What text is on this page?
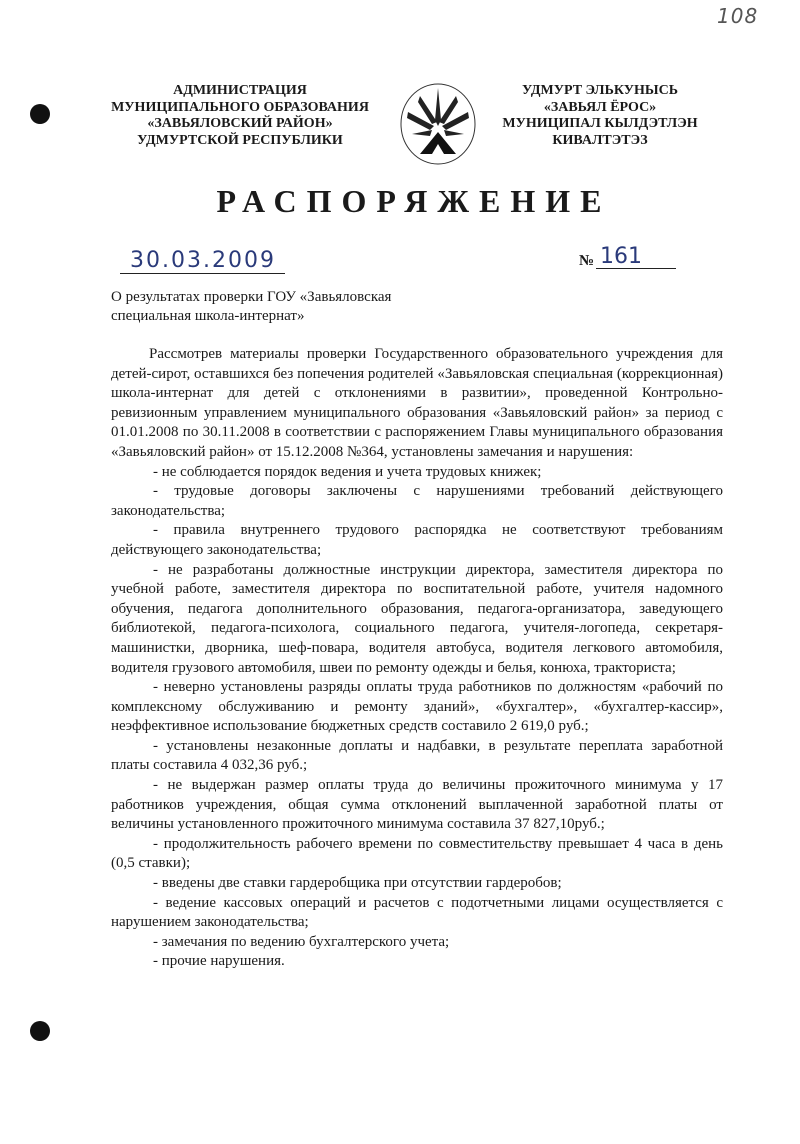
108
АДМИНИСТРАЦИЯ
МУНИЦИПАЛЬНОГО ОБРАЗОВАНИЯ
«ЗАВЬЯЛОВСКИЙ РАЙОН»
УДМУРТСКОЙ РЕСПУБЛИКИ
УДМУРТ ЭЛЬКУНЫСЬ
«ЗАВЬЯЛ ЁРОС»
МУНИЦИПАЛ КЫЛДЭТЛЭН
КИВАЛТЭТЭЗ
РАСПОРЯЖЕНИЕ
30.03.2009	№ 161
О результатах проверки ГОУ «Завьяловская
специальная школа-интернат»

Рассмотрев материалы проверки Государственного образовательного учреждения для детей-сирот, оставшихся без попечения родителей «Завьяловская специальная (коррекционная) школа-интернат для детей с отклонениями в развитии», проведенной Контрольно-ревизионным управлением муниципального образования «Завьяловский район» за период с 01.01.2008 по 30.11.2008 в соответствии с распоряжением Главы муниципального образования «Завьяловский район» от 15.12.2008 №364, установлены замечания и нарушения:

- не соблюдается порядок ведения и учета трудовых книжек;

- трудовые договоры заключены с нарушениями требований действующего законодательства;

- правила внутреннего трудового распорядка не соответствуют требованиям действующего законодательства;

- не разработаны должностные инструкции директора, заместителя директора по учебной работе, заместителя директора по воспитательной работе, учителя надомного обучения, педагога дополнительного образования, педагога-организатора, заведующего библиотекой, педагога-психолога, социального педагога, учителя-логопеда, секретаря-машинистки, дворника, шеф-повара, водителя автобуса, водителя легкового автомобиля, водителя грузового автомобиля, швеи по ремонту одежды и белья, конюха, тракториста;

- неверно установлены разряды оплаты труда работников по должностям «рабочий по комплексному обслуживанию и ремонту зданий», «бухгалтер», «бухгалтер-кассир», неэффективное использование бюджетных средств составило 2 619,0 руб.;

- установлены незаконные доплаты и надбавки, в результате переплата заработной платы составила 4 032,36 руб.;

- не выдержан размер оплаты труда до величины прожиточного минимума у 17 работников учреждения, общая сумма отклонений выплаченной заработной платы от величины установленного прожиточного минимума составила 37 827,10руб.;

- продолжительность рабочего времени по совместительству превышает 4 часа в день (0,5 ставки);

- введены две ставки гардеробщика при отсутствии гардеробов;

- ведение кассовых операций и расчетов с подотчетными лицами осуществляется с нарушением законодательства;

- замечания по ведению бухгалтерского учета;

- прочие нарушения.
